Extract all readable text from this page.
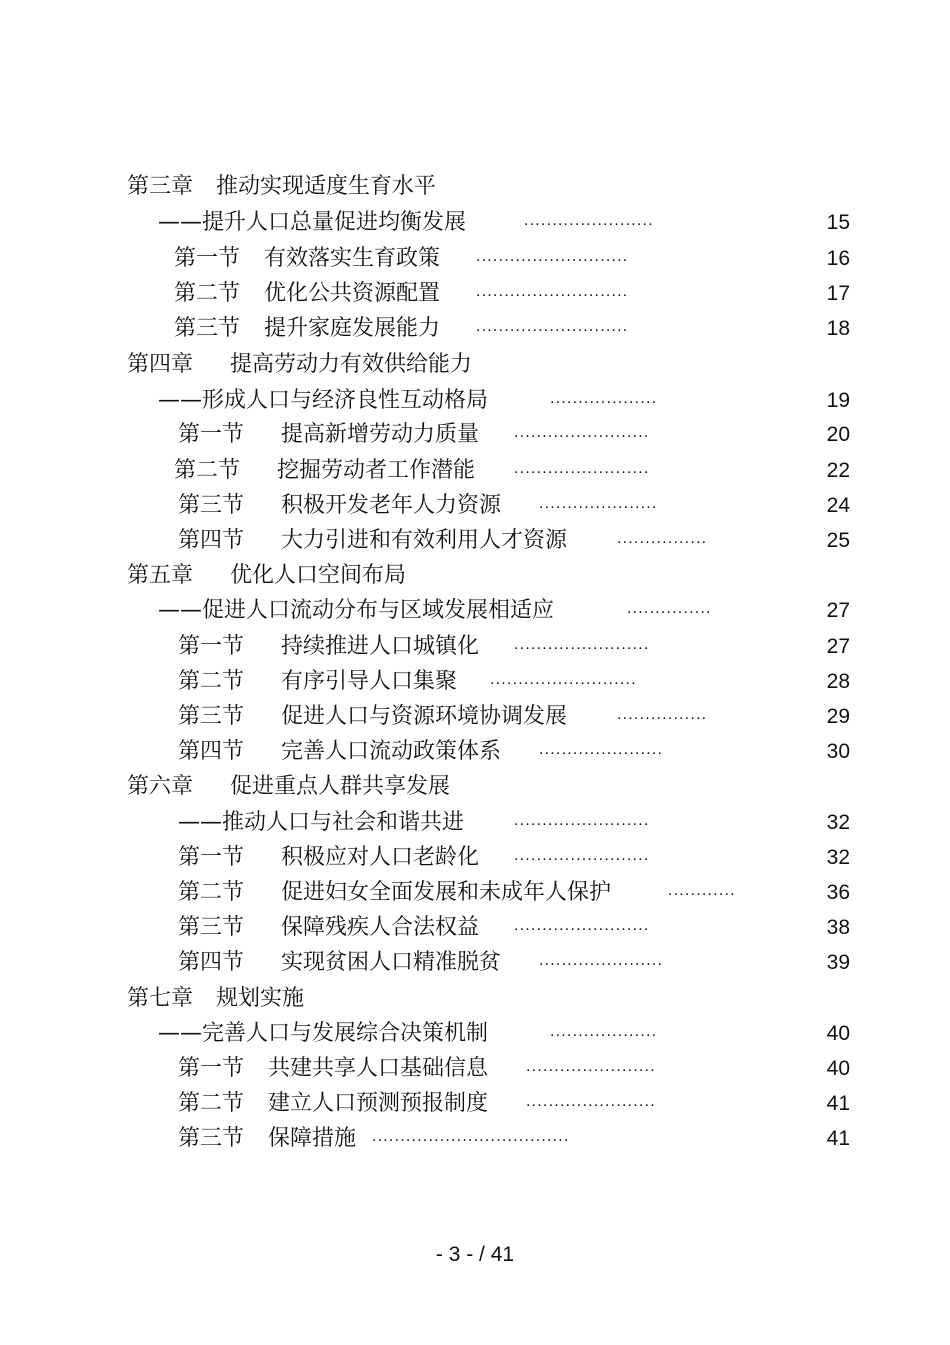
第三章 推动实现适度生育水平
——提升人口总量促进均衡发展	.......................	15
第一节 有效落实生育政策 ...........................	16
第二节 优化公共资源配置 ...........................	17
第三节 提升家庭发展能力 ...........................	18
第四章 提高劳动力有效供给能力
——形成人口与经济良性互动格局	...................	19
第一节 提高新增劳动力质量 ........................	20
第二节 挖掘劳动者工作潜能 ........................	22
第三节 积极开发老年人力资源 .....................	24
第四节 大力引进和有效利用人才资源	................	25
第五章 优化人口空间布局
——促进人口流动分布与区域发展相适应	...............	27
第一节 持续推进人口城镇化 ........................	27
第二节 有序引导人口集聚 ..........................	28
第三节 促进人口与资源环境协调发展	................	29
第四节 完善人口流动政策体系 ......................	30
第六章 促进重点人群共享发展
——推动人口与社会和谐共进	........................	32
第一节 积极应对人口老龄化 ........................	32
第二节 促进妇女全面发展和未成年人保护	............	36
第三节 保障残疾人合法权益 ........................	38
第四节 实现贫困人口精准脱贫 ......................	39
第七章 规划实施
——完善人口与发展综合决策机制	...................	40
第一节 共建共享人口基础信息 .......................	40
第二节 建立人口预测预报制度 .......................	41
第三节 保障措施 ...................................	41
- 3 - / 41
